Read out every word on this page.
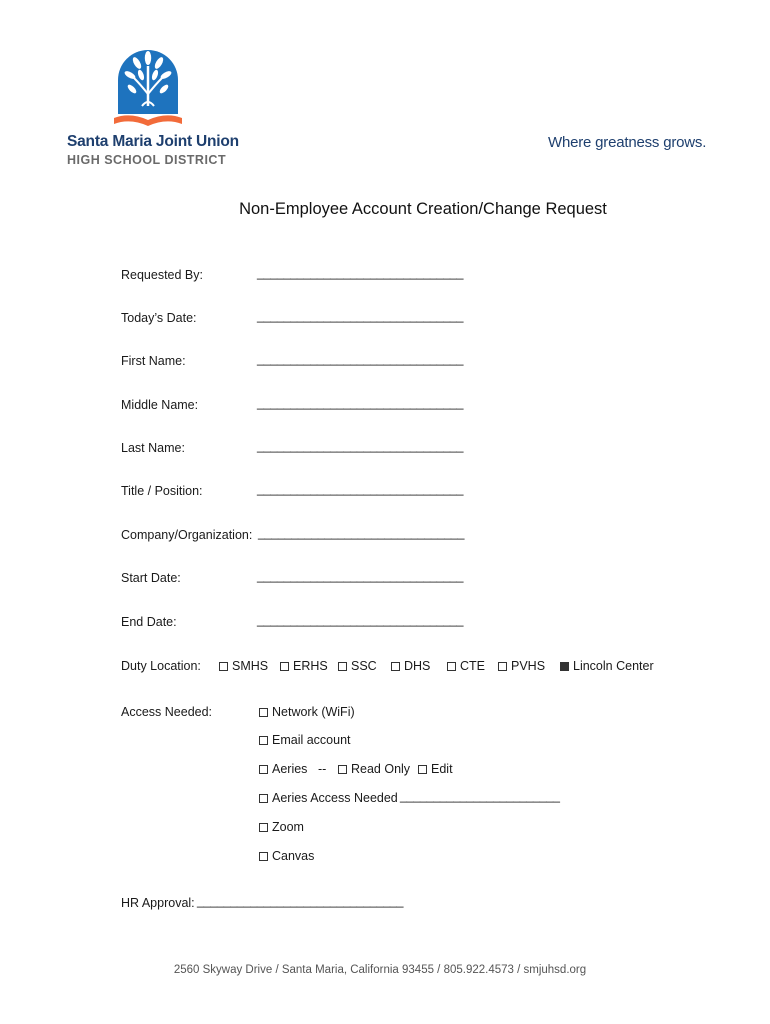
Santa Maria Joint Union
HIGH SCHOOL DISTRICT
Where greatness grows.
Non-Employee Account Creation/Change Request
Requested By:	_______________________________
Today’s Date:	_______________________________
First Name:	_______________________________
Middle Name:	_______________________________
Last Name:	_______________________________
Title / Position:	_______________________________
Company/Organization: _______________________________
Start Date:	_______________________________
End Date:	_______________________________
Duty Location:	SMHS	ERHS	SSC	DHS	CTE	PVHS	Lincoln Center
Access Needed:	Network (WiFi)
Email account
Aeries --	Read Only	Edit
Aeries Access Needed ________________________
Zoom
Canvas
HR Approval: _______________________________
2560 Skyway Drive / Santa Maria, California 93455 / 805.922.4573 / smjuhsd.org
